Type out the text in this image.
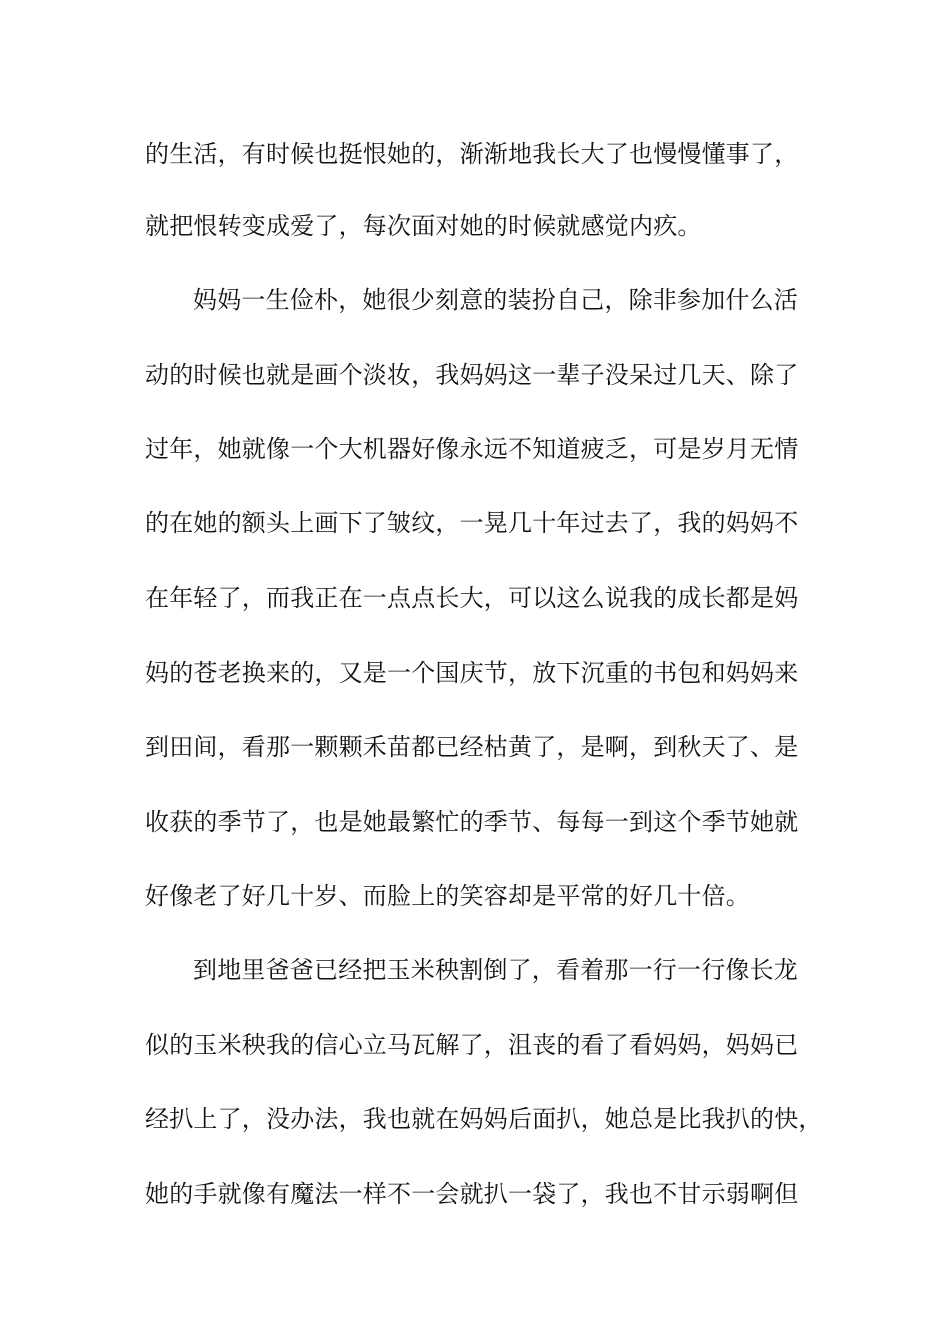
的生活，有时候也挺恨她的，渐渐地我长大了也慢慢懂事了，
就把恨转变成爱了，每次面对她的时候就感觉内疚。
妈妈一生俭朴，她很少刻意的装扮自己，除非参加什么活
动的时候也就是画个淡妆，我妈妈这一辈子没呆过几天、除了
过年，她就像一个大机器好像永远不知道疲乏，可是岁月无情
的在她的额头上画下了皱纹，一晃几十年过去了，我的妈妈不
在年轻了，而我正在一点点长大，可以这么说我的成长都是妈
妈的苍老换来的，又是一个国庆节，放下沉重的书包和妈妈来
到田间，看那一颗颗禾苗都已经枯黄了，是啊，到秋天了、是
收获的季节了，也是她最繁忙的季节、每每一到这个季节她就
好像老了好几十岁、而脸上的笑容却是平常的好几十倍。
到地里爸爸已经把玉米秧割倒了，看着那一行一行像长龙
似的玉米秧我的信心立马瓦解了，沮丧的看了看妈妈，妈妈已
经扒上了，没办法，我也就在妈妈后面扒，她总是比我扒的快，
她的手就像有魔法一样不一会就扒一袋了，我也不甘示弱啊但
